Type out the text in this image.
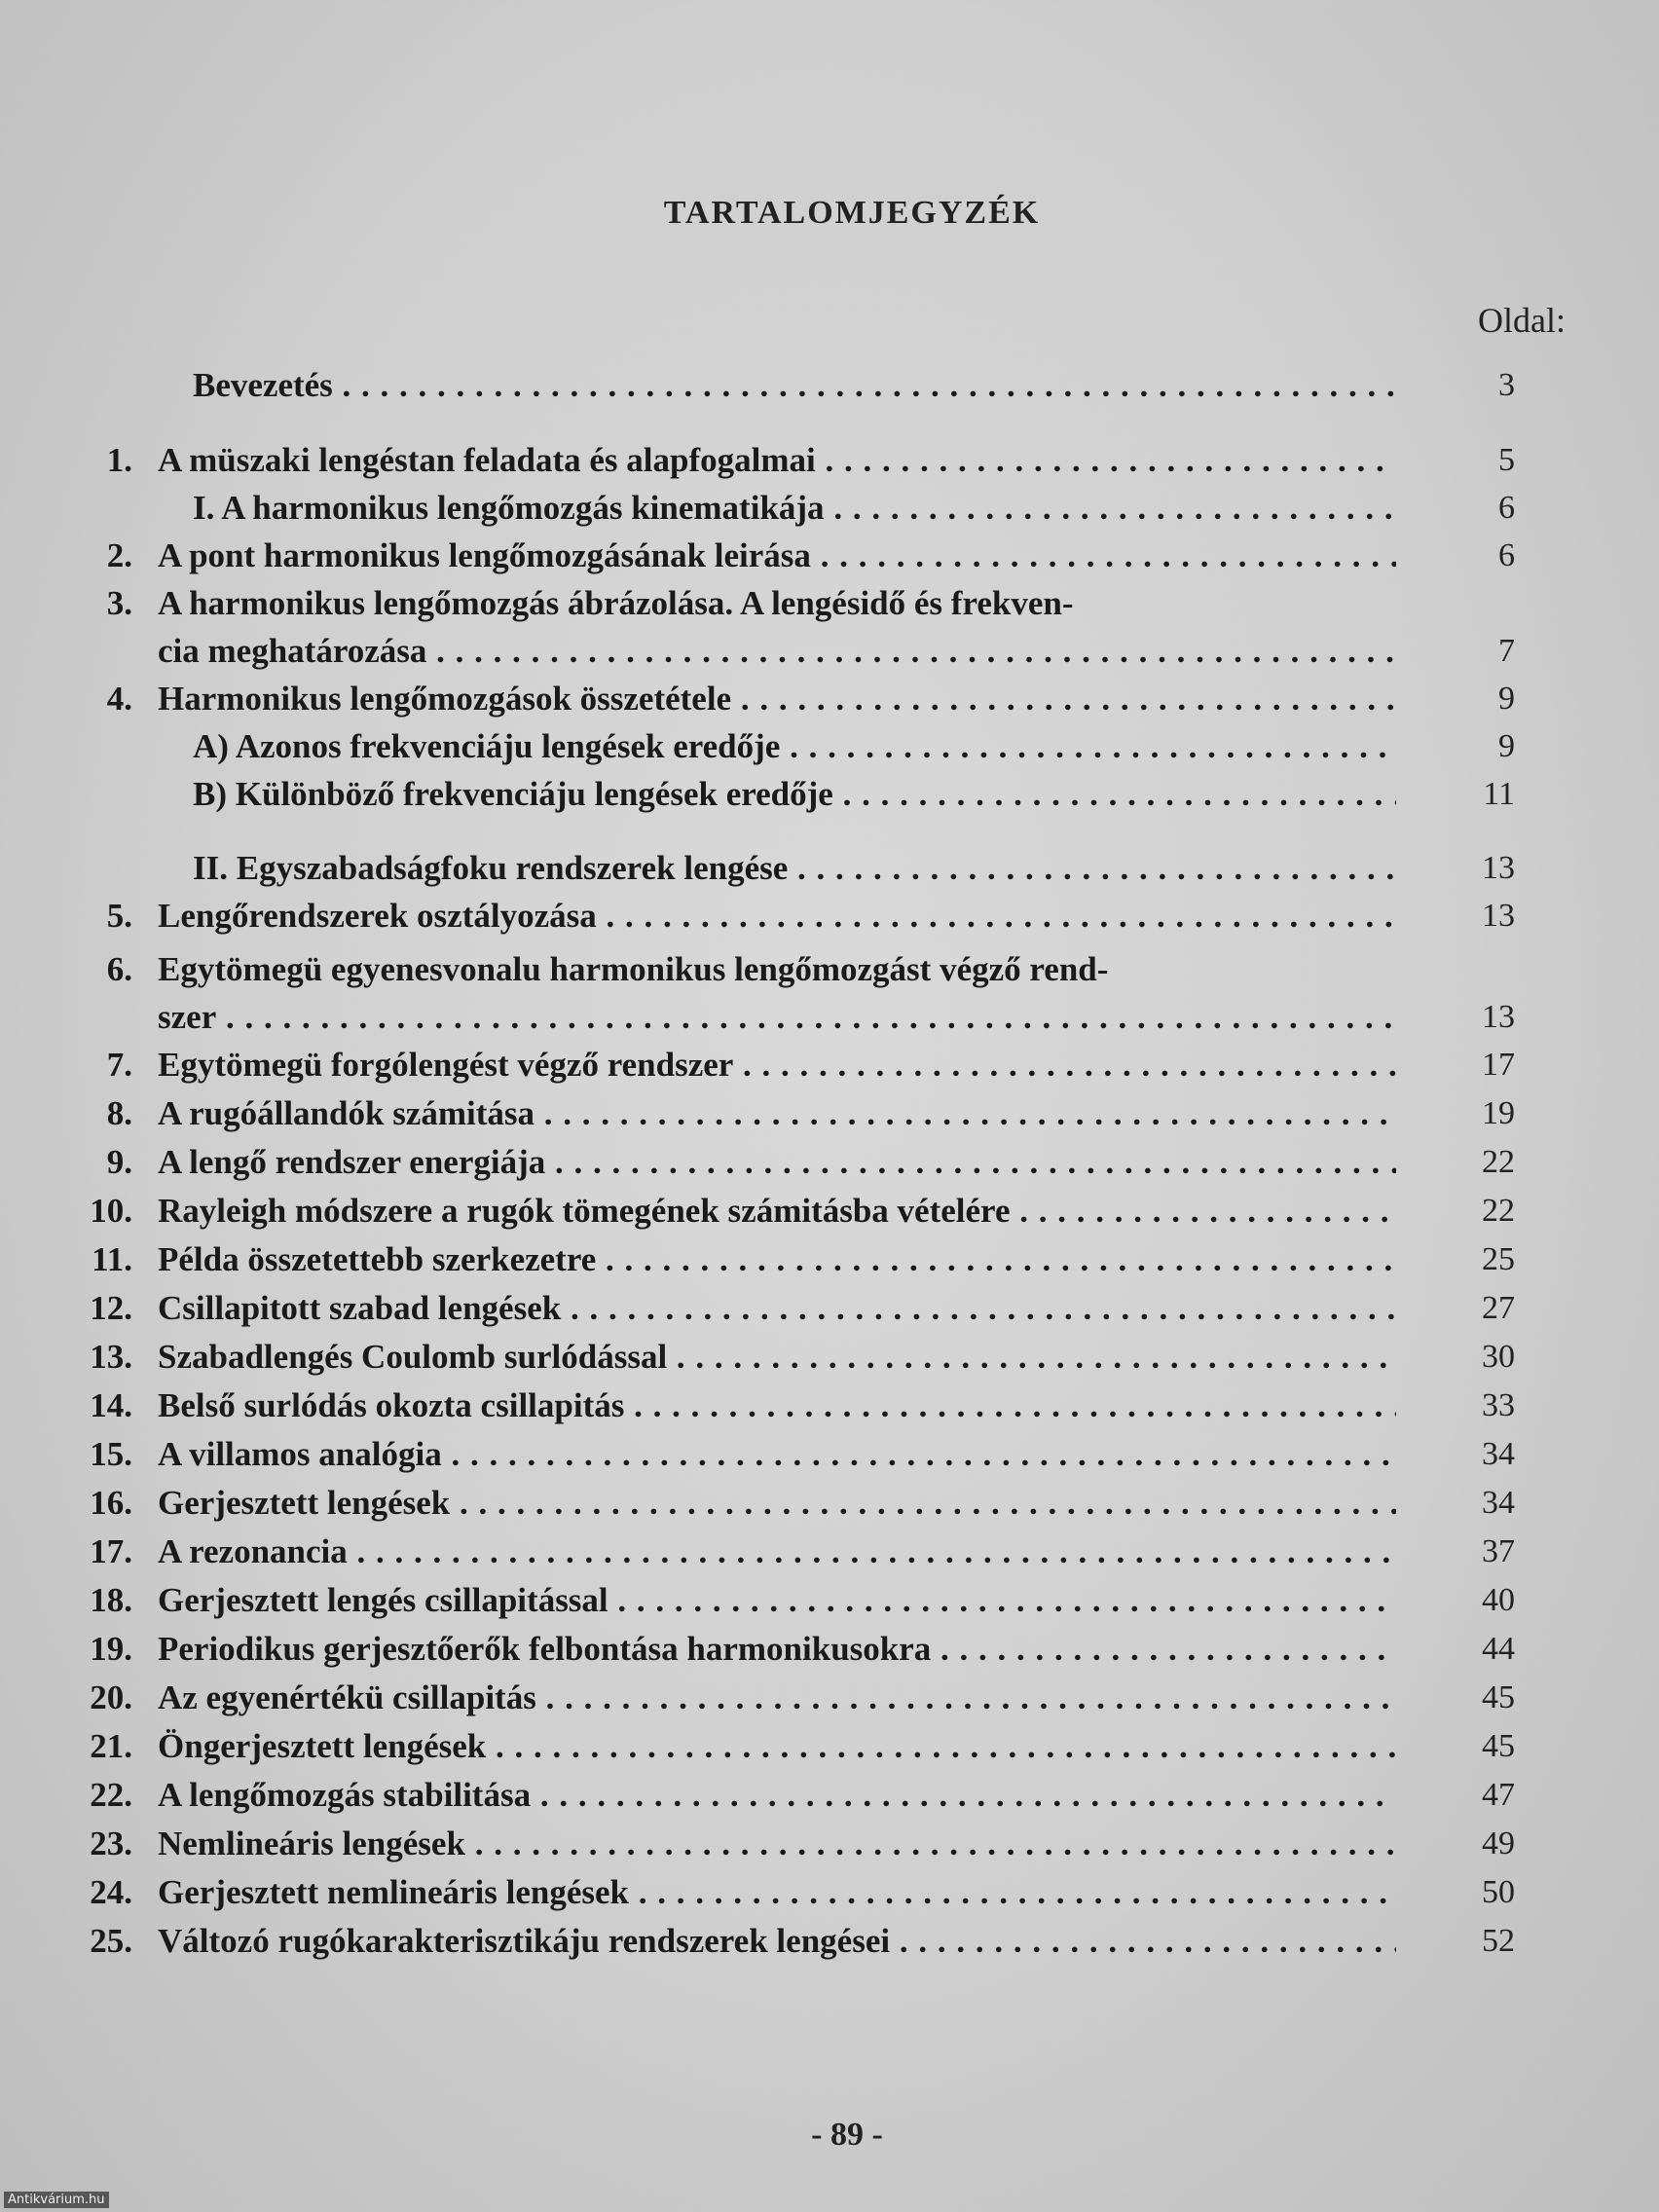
TARTALOMJEGYZÉK
Oldal:
Bevezetés . . .	3
1. A müszaki lengéstan feladata és alapfogalmai . . .	5
I. A harmonikus lengőmozgás kinematikája . . .	6
2. A pont harmonikus lengőmozgásának leirása . . .	6
3. A harmonikus lengőmozgás ábrázolása. A lengésidő és frekven-
cia meghatározása . . .	7
4. Harmonikus lengőmozgások összetétele . . .	9
A) Azonos frekvenciáju lengések eredője . . .	9
B) Különböző frekvenciáju lengések eredője . . .	11
II. Egyszabadságfoku rendszerek lengése . . .	13
5. Lengőrendszerek osztályozása . . .	13
6. Egytömegü egyenesvonalu harmonikus lengőmozgást végző rend-
szer . . .	13
7. Egytömegü forgólengést végző rendszer . . .	17
8. A rugóállandók számitása . . .	19
9. A lengő rendszer energiája . . .	22
10. Rayleigh módszere a rugók tömegének számitásba vételére . . .	22
11. Példa összetettebb szerkezetre . . .	25
12. Csillapitott szabad lengések . . .	27
13. Szabadlengés Coulomb surlódással . . .	30
14. Belső surlódás okozta csillapitás . . .	33
15. A villamos analógia . . .	34
16. Gerjesztett lengések . . .	34
17. A rezonancia . . .	37
18. Gerjesztett lengés csillapitással . . .	40
19. Periodikus gerjesztőerők felbontása harmonikusokra . . .	44
20. Az egyenértékü csillapitás . . .	45
21. Öngerjesztett lengések . . .	45
22. A lengőmozgás stabilitása . . .	47
23. Nemlineáris lengések . . .	49
24. Gerjesztett nemlineáris lengések . . .	50
25. Változó rugókarakterisztikáju rendszerek lengései . . .	52
- 89 -
Antikvárium.hu
